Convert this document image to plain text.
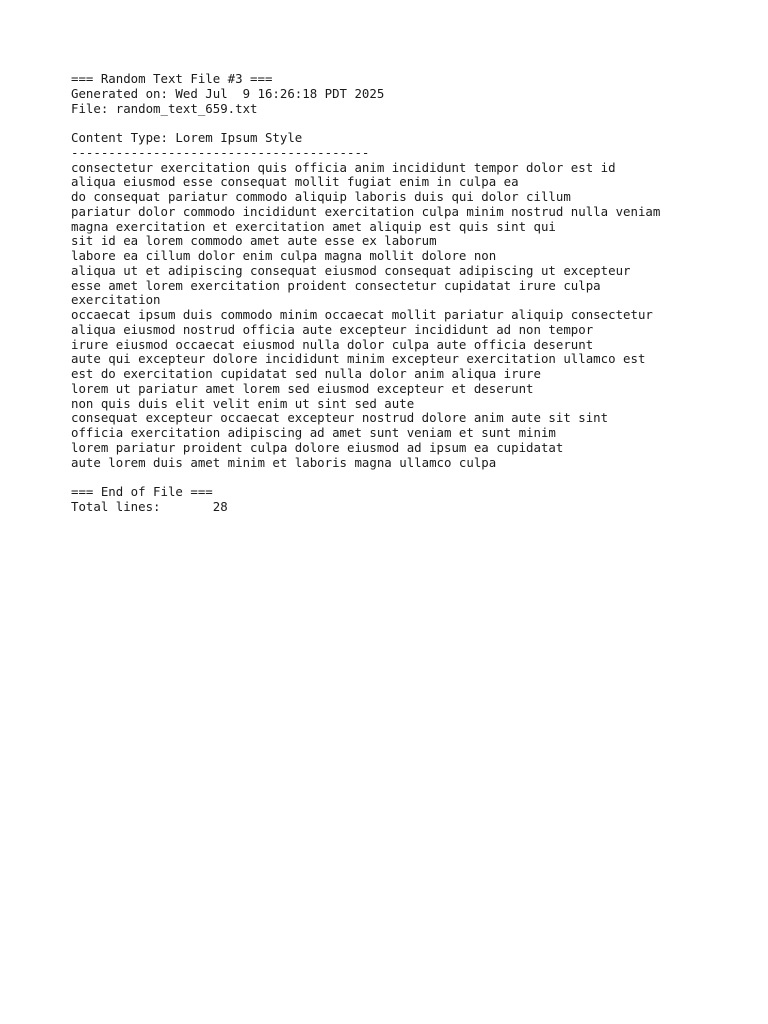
=== Random Text File #3 ===
Generated on: Wed Jul  9 16:26:18 PDT 2025
File: random_text_659.txt
Content Type: Lorem Ipsum Style
----------------------------------------
consectetur exercitation quis officia anim incididunt tempor dolor est id
aliqua eiusmod esse consequat mollit fugiat enim in culpa ea
do consequat pariatur commodo aliquip laboris duis qui dolor cillum
pariatur dolor commodo incididunt exercitation culpa minim nostrud nulla veniam
magna exercitation et exercitation amet aliquip est quis sint qui
sit id ea lorem commodo amet aute esse ex laborum
labore ea cillum dolor enim culpa magna mollit dolore non
aliqua ut et adipiscing consequat eiusmod consequat adipiscing ut excepteur
esse amet lorem exercitation proident consectetur cupidatat irure culpa
exercitation
occaecat ipsum duis commodo minim occaecat mollit pariatur aliquip consectetur
aliqua eiusmod nostrud officia aute excepteur incididunt ad non tempor
irure eiusmod occaecat eiusmod nulla dolor culpa aute officia deserunt
aute qui excepteur dolore incididunt minim excepteur exercitation ullamco est
est do exercitation cupidatat sed nulla dolor anim aliqua irure
lorem ut pariatur amet lorem sed eiusmod excepteur et deserunt
non quis duis elit velit enim ut sint sed aute
consequat excepteur occaecat excepteur nostrud dolore anim aute sit sint
officia exercitation adipiscing ad amet sunt veniam et sunt minim
lorem pariatur proident culpa dolore eiusmod ad ipsum ea cupidatat
aute lorem duis amet minim et laboris magna ullamco culpa
=== End of File ===
Total lines:       28
